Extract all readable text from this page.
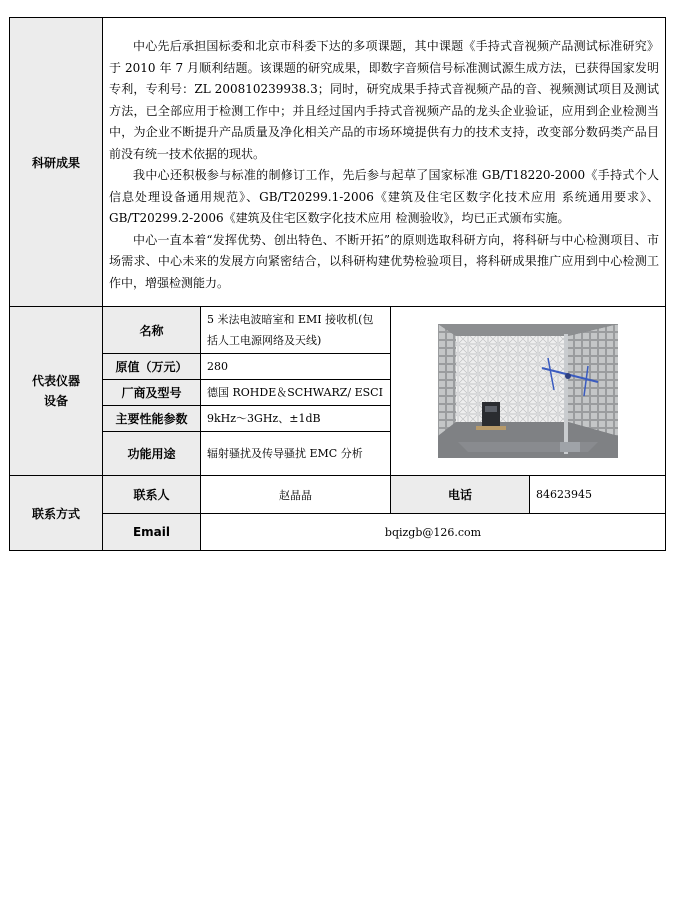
科研成果	中心先后承担国标委和北京市科委下达的多项课题，其中课题《手持式音视频产品测试标准研究》于 2010 年 7 月顺利结题。该课题的研究成果，即数字音频信号标准测试源生成方法，已获得国家发明专利，专利号：ZL 200810239938.3；同时，研究成果手持式音视频产品的音、视频测试项目及测试方法，已全部应用于检测工作中；并且经过国内手持式音视频产品的龙头企业验证，应用到企业检测当中，为企业不断提升产品质量及净化相关产品的市场环境提供有力的技术支持，改变部分数码类产品目前没有统一技术依据的现状。

我中心还积极参与标准的制修订工作，先后参与起草了国家标准 GB/T18220-2000《手持式个人信息处理设备通用规范》、GB/T20299.1-2006《建筑及住宅区数字化技术应用 系统通用要求》、GB/T20299.2-2006《建筑及住宅区数字化技术应用 检测验收》，均已正式颁布实施。

中心一直本着“发挥优势、创出特色、不断开拓”的原则选取科研方向，将科研与中心检测项目、市场需求、中心未来的发展方向紧密结合，以科研构建优势检验项目，将科研成果推广应用到中心检测工作中，增强检测能力。			

代表仪器设备	名称	5 米法电波暗室和 EMI 接收机(包括人工电源网络及天线)	

	原值（万元）	280		
	厂商及型号	德国 ROHDE＆SCHWARZ/ ESCI		
	主要性能参数	9kHz～3GHz、±1dB		
	功能用途	辐射骚扰及传导骚扰 EMC 分析		
联系方式	联系人	赵晶晶	电话	84623945
	Email	bqizgb@126.com		
